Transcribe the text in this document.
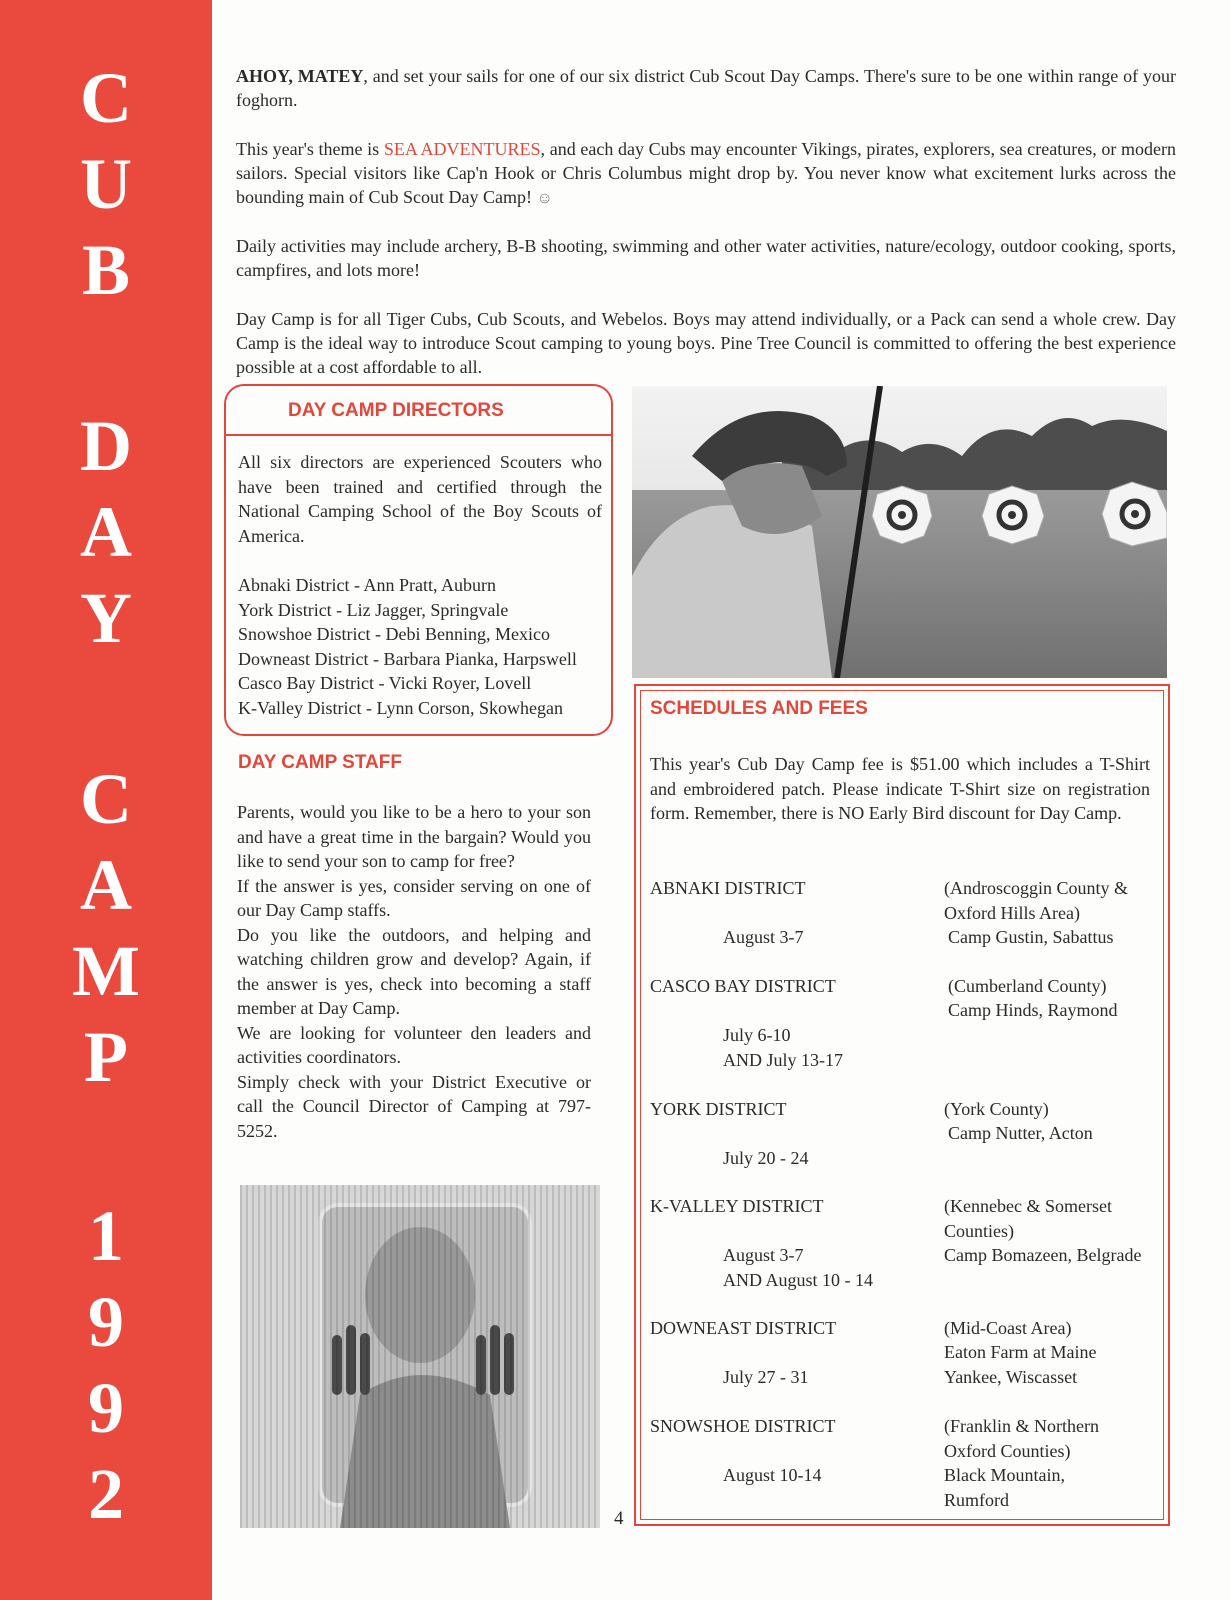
C
U
B
D
A
Y
C
A
M
P
1
9
9
2
AHOY, MATEY, and set your sails for one of our six district Cub Scout Day Camps. There's sure to be one within range of your foghorn.
This year's theme is SEA ADVENTURES, and each day Cubs may encounter Vikings, pirates, explorers, sea creatures, or modern sailors. Special visitors like Cap'n Hook or Chris Columbus might drop by. You never know what excitement lurks across the bounding main of Cub Scout Day Camp! ☺
Daily activities may include archery, B-B shooting, swimming and other water activities, nature/ecology, outdoor cooking, sports, campfires, and lots more!
Day Camp is for all Tiger Cubs, Cub Scouts, and Webelos. Boys may attend individually, or a Pack can send a whole crew. Day Camp is the ideal way to introduce Scout camping to young boys. Pine Tree Council is committed to offering the best experience possible at a cost affordable to all.
DAY CAMP DIRECTORS
All six directors are experienced Scouters who have been trained and certified through the National Camping School of the Boy Scouts of America.
Abnaki District - Ann Pratt, Auburn
York District - Liz Jagger, Springvale
Snowshoe District - Debi Benning, Mexico
Downeast District - Barbara Pianka, Harpswell
Casco Bay District - Vicki Royer, Lovell
K-Valley District - Lynn Corson, Skowhegan
DAY CAMP STAFF
Parents, would you like to be a hero to your son and have a great time in the bargain? Would you like to send your son to camp for free?
If the answer is yes, consider serving on one of our Day Camp staffs.
Do you like the outdoors, and helping and watching children grow and develop? Again, if the answer is yes, check into becoming a staff member at Day Camp.
We are looking for volunteer den leaders and activities coordinators.
Simply check with your District Executive or call the Council Director of Camping at 797-5252.
SCHEDULES AND FEES
This year's Cub Day Camp fee is $51.00 which includes a T-Shirt and embroidered patch. Please indicate T-Shirt size on registration form. Remember, there is NO Early Bird discount for Day Camp.
ABNAKI DISTRICT
August 3-7
(Androscoggin County & Oxford Hills Area)
Camp Gustin, Sabattus
CASCO BAY DISTRICT
July 6-10
AND July 13-17
(Cumberland County)
Camp Hinds, Raymond
YORK DISTRICT
July 20 - 24
(York County)
Camp Nutter, Acton
K-VALLEY DISTRICT
August 3-7
AND August 10 - 14
(Kennebec & Somerset Counties)
Camp Bomazeen, Belgrade
DOWNEAST DISTRICT
July 27 - 31
(Mid-Coast Area)
Eaton Farm at Maine Yankee, Wiscasset
SNOWSHOE DISTRICT
August 10-14
(Franklin & Northern Oxford Counties)
Black Mountain, Rumford
4
